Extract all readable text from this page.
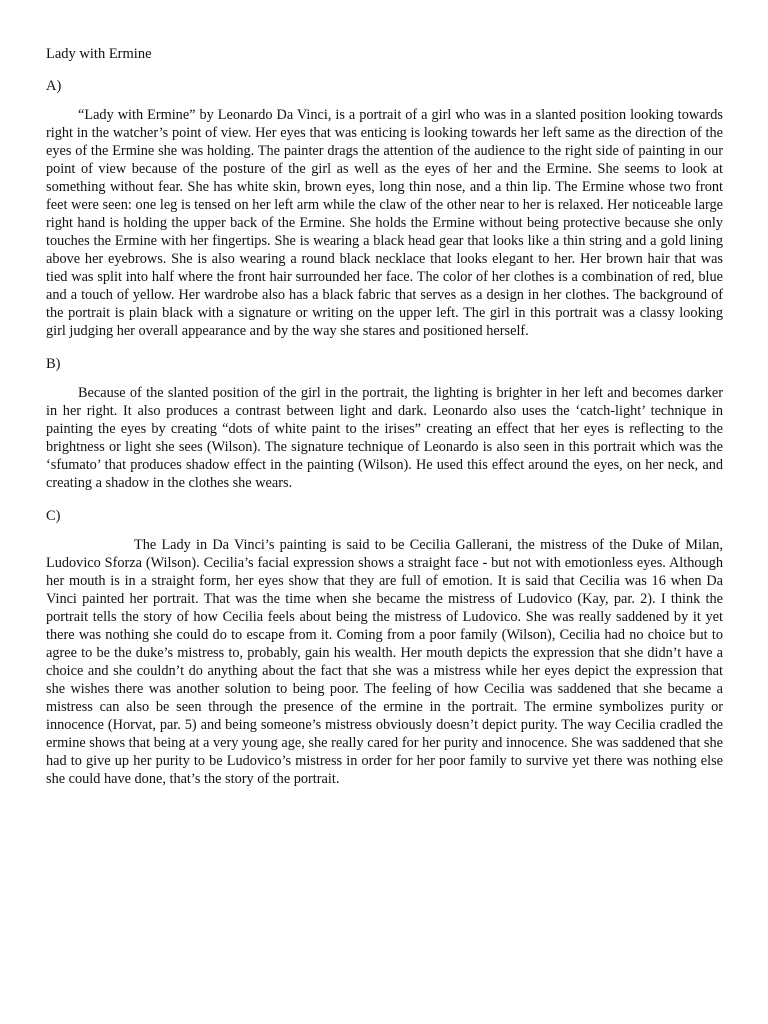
Lady with Ermine

A)

“Lady with Ermine” by Leonardo Da Vinci, is a portrait of a girl who was in a slanted position looking towards right in the watcher’s point of view. Her eyes that was enticing is looking towards her left same as the direction of the eyes of the Ermine she was holding. The painter drags the attention of the audience to the right side of painting in our point of view because of the posture of the girl as well as the eyes of her and the Ermine. She seems to look at something without fear. She has white skin, brown eyes, long thin nose, and a thin lip. The Ermine whose two front feet were seen: one leg is tensed on her left arm while the claw of the other near to her is relaxed. Her noticeable large right hand is holding the upper back of the Ermine. She holds the Ermine without being protective because she only touches the Ermine with her fingertips. She is wearing a black head gear that looks like a thin string and a gold lining above her eyebrows. She is also wearing a round black necklace that looks elegant to her. Her brown hair that was tied was split into half where the front hair surrounded her face. The color of her clothes is a combination of red, blue and a touch of yellow. Her wardrobe also has a black fabric that serves as a design in her clothes. The background of the portrait is plain black with a signature or writing on the upper left. The girl in this portrait was a classy looking girl judging her overall appearance and by the way she stares and positioned herself.

B)

Because of the slanted position of the girl in the portrait, the lighting is brighter in her left and becomes darker in her right. It also produces a contrast between light and dark. Leonardo also uses the ‘catch-light’ technique in painting the eyes by creating “dots of white paint to the irises” creating an effect that her eyes is reflecting to the brightness or light she sees (Wilson). The signature technique of Leonardo is also seen in this portrait which was the ‘sfumato’ that produces shadow effect in the painting (Wilson). He used this effect around the eyes, on her neck, and creating a shadow in the clothes she wears.

C)

The Lady in Da Vinci’s painting is said to be Cecilia Gallerani, the mistress of the Duke of Milan, Ludovico Sforza (Wilson). Cecilia’s facial expression shows a straight face - but not with emotionless eyes. Although her mouth is in a straight form, her eyes show that they are full of emotion. It is said that Cecilia was 16 when Da Vinci painted her portrait. That was the time when she became the mistress of Ludovico (Kay, par. 2). I think the portrait tells the story of how Cecilia feels about being the mistress of Ludovico. She was really saddened by it yet there was nothing she could do to escape from it. Coming from a poor family (Wilson), Cecilia had no choice but to agree to be the duke’s mistress to, probably, gain his wealth. Her mouth depicts the expression that she didn’t have a choice and she couldn’t do anything about the fact that she was a mistress while her eyes depict the expression that she wishes there was another solution to being poor. The feeling of how Cecilia was saddened that she became a mistress can also be seen through the presence of the ermine in the portrait. The ermine symbolizes purity or innocence (Horvat, par. 5) and being someone’s mistress obviously doesn’t depict purity. The way Cecilia cradled the ermine shows that being at a very young age, she really cared for her purity and innocence. She was saddened that she had to give up her purity to be Ludovico’s mistress in order for her poor family to survive yet there was nothing else she could have done, that’s the story of the portrait.
